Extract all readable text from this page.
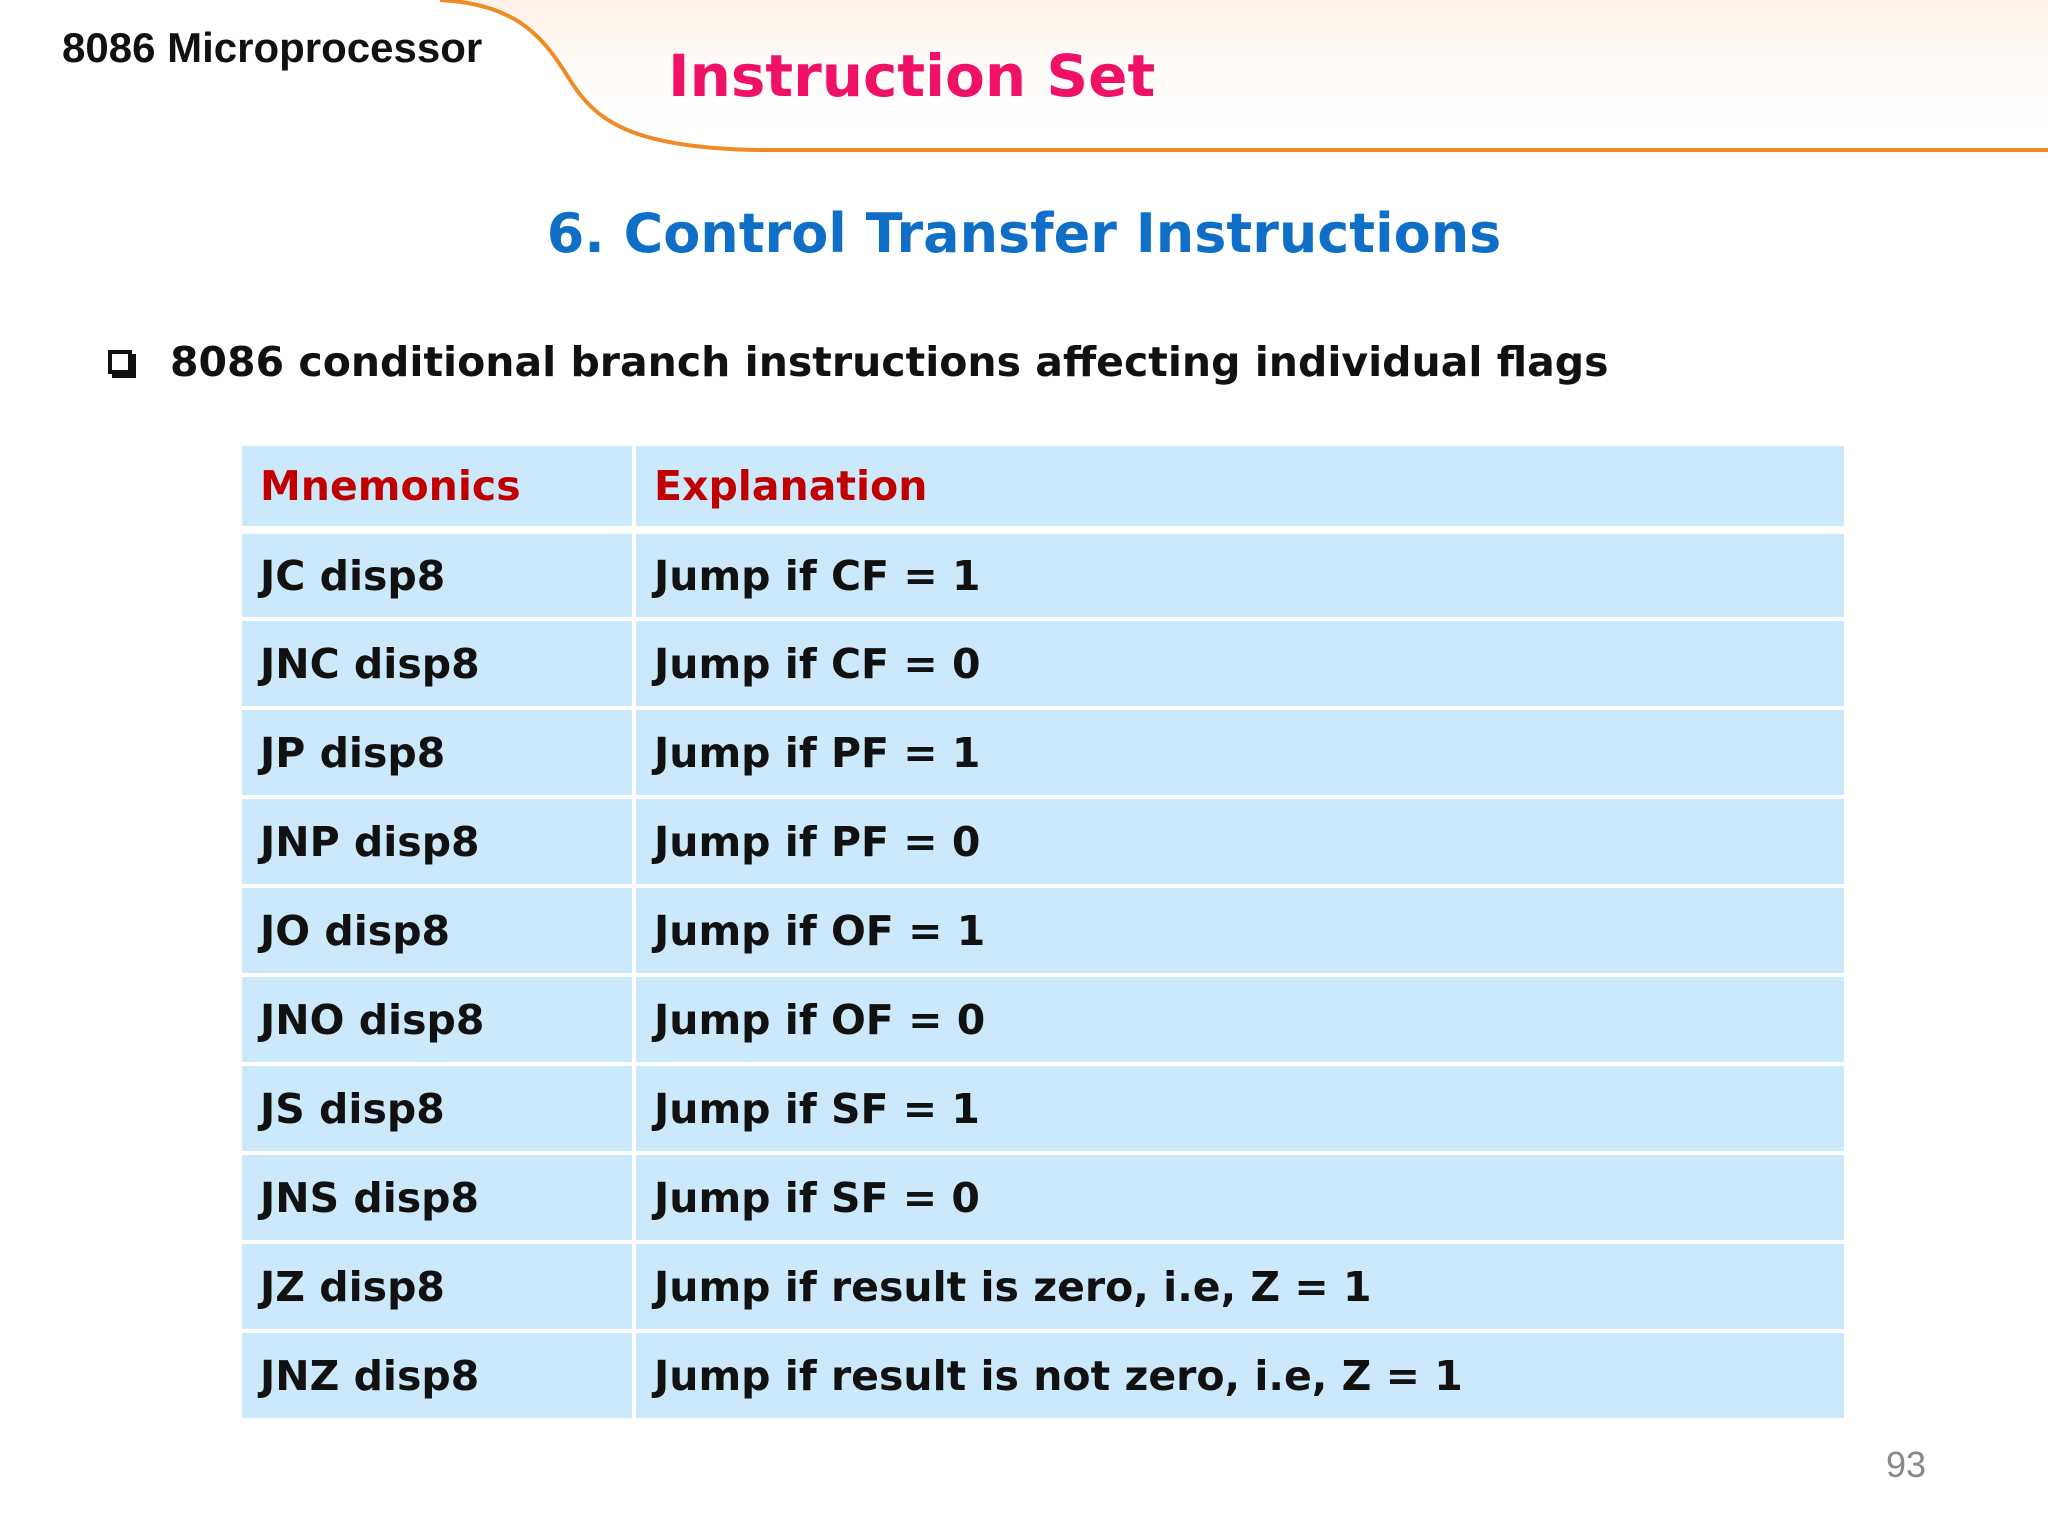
8086 Microprocessor	Instruction Set
6. Control Transfer Instructions
8086 conditional branch instructions affecting individual flags
Mnemonics	Explanation
JC disp8	Jump if CF = 1
JNC disp8	Jump if CF = 0
JP disp8	Jump if PF = 1
JNP disp8	Jump if PF = 0
JO disp8	Jump if OF = 1
JNO disp8	Jump if OF = 0
JS disp8	Jump if SF = 1
JNS disp8	Jump if SF = 0
JZ disp8	Jump if result is zero, i.e, Z = 1
JNZ disp8	Jump if result is not zero, i.e, Z = 1
93
